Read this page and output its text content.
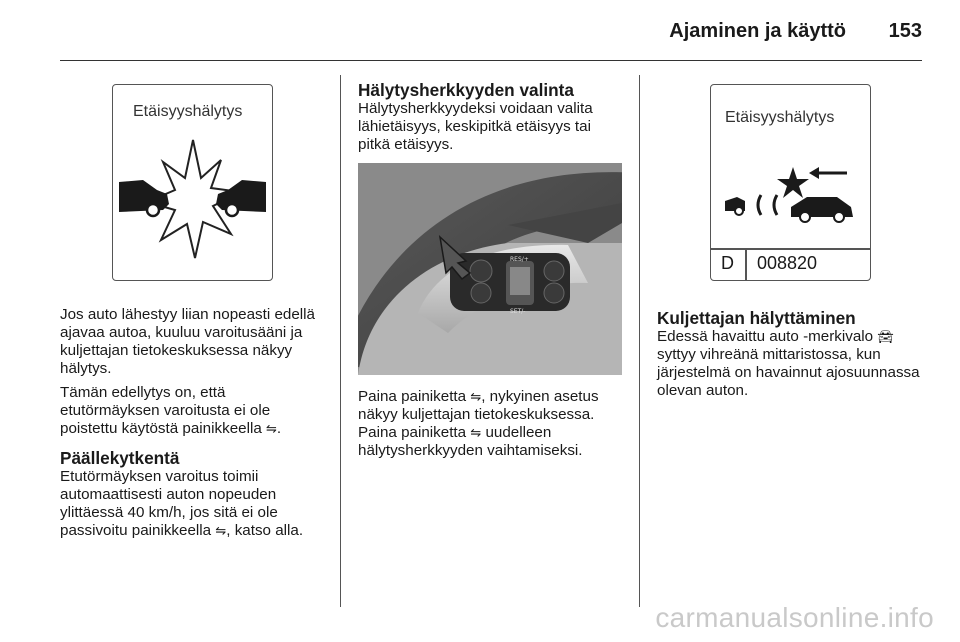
Ajaminen ja käyttö 153
Etäisyyshälytys

Jos auto lähestyy liian nopeasti edellä ajavaa autoa, kuuluu varoitusääni ja kuljettajan tietokeskuksessa näkyy hälytys.

Tämän edellytys on, että etutörmäyksen varoitusta ei ole poistettu käytöstä painikkeella ⇋.

Päällekytkentä

Etutörmäyksen varoitus toimii automaattisesti auton nopeuden ylittäessä 40 km/h, jos sitä ei ole passivoitu painikkeella ⇋, katso alla.

Hälytysherkkyyden valinta

Hälytysherkkyydeksi voidaan valita lähietäisyys, keskipitkä etäisyys tai pitkä etäisyys.

RES/+
SET/-

Paina painiketta ⇋, nykyinen asetus näkyy kuljettajan tietokeskuksessa. Paina painiketta ⇋ uudelleen hälytysherkkyyden vaihtamiseksi.

Etäisyyshälytys
D 008820
Kuljettajan hälyttäminen

Edessä havaittu auto -merkivalo 🚘︎ syttyy vihreänä mittaristossa, kun järjestelmä on havainnut ajosuunnassa olevan auton.

carmanualsonline.info
